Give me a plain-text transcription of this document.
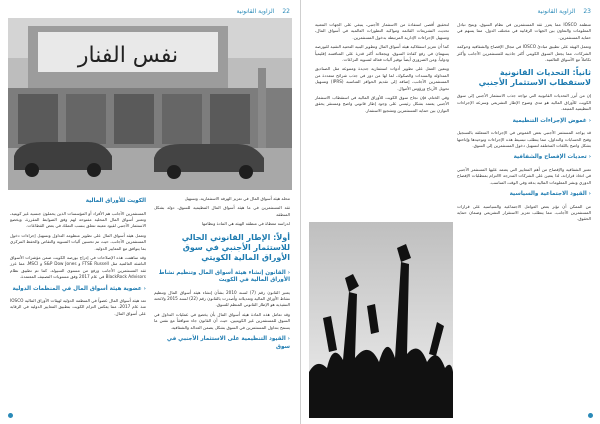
22 الزاوية القانونية
نفس الفنار

محلة هيئة أسواق المال في تعزيز الهرفة الاستثمارية، وتسهيل

ثقة المستثمرين في ما هيئة أسواق المال التنظيمية للسوق، دولة بشكل المنطقة

لدراسة معطاة في منطقة الهيئة هي المادة ونظامها

أولاً: الإطار القانوني الحالي للاستثمار الأجنبي في سوق الأوراق المالية الكويتي
‹ القانون إنشاء هيئة أسواق المال وتنظيم نشاط الأوراق المالية في الكويت

يعتبر القانون رقم (7) لسنة 2010 بشأن إنشاء هيئة أسواق المال وتنظيم نشاط الأوراق المالية وتعديلاته وأصدرت بالقانون رقم (22) لسنة 2015 ولائحته التنفيذية هو الإطار القانوني المنظم للسوق.

وقد تعامل هذه المادة هيئة أسواق المال بأن يخضع في عمليات التداول في السوق للمستثمرين غير الكويتيين، حيث أن القانون جاء متوافقاً مع نفس ما يسمح بتداول المستثمرين في السوق بشكل يضمن العدالة والشفافية.

‹ القيود التنظيمية على الاستثمار الأجنبي في سوق
الكويت للأوراق المالية

المستثمرين الأجانب هم الأفراد أو المؤسسات الذين يحملون جنسية غير كويتية، وتعتبر أسواق المال المحلية مفتوحة لهم وفق الضوابط المقررة، ويخضع الاستثمار الأجنبي لقيود معينة تتعلق بنسب التملك في بعض القطاعات.

وتعمل هيئة أسواق المال على تطوير منظومة التداول وتسهيل إجراءات دخول المستثمرين الأجانب، حيث تم تحسين آليات التسوية والتقاص والحفظ المركزي بما يتوافق مع المعايير الدولية.

وقد ساهمت هذه الإصلاحات في إدراج بورصة الكويت ضمن مؤشرات الأسواق الناشئة العالمية مثل FTSE Russell و S&P Dow Jones و MSCI، مما عزز ثقة المستثمرين الأجانب ورفع من مستوى السيولة. كما تم تطبيق نظام BlackRock Advisors في عام 2017 وفق مستويات التصنيف المعتمدة.

‹ عضوية هيئة أسواق المال في المنظمات الدولية

تعد هيئة أسواق المال عضواً في المنظمة الدولية لهيئات الأوراق المالية IOSCO منذ عام 2017، مما يعكس التزام الكويت بتطبيق المعايير الدولية في الرقابة على أسواق المال.

23 الزاوية القانونية

منظمة IOSCO مما يعزز ثقة المستثمرين في نظام السوق، ويتيح تبادل المعلومات والتعاون بين الجهات الرقابية في مختلف الدول، مما يسهم في حماية المستثمرين.

وتعمل الهيئة على تطبيق مبادئ IOSCO في مجال الإفصاح والشفافية وحوكمة الشركات، مما يجعل السوق الكويتي أكثر جاذبية للمستثمرين الأجانب وأكثر تكاملاً مع الأسواق العالمية.

ثانياً: التحديات القانونية لاستقطاب الاستثمار الأجنبي

إن من أبرز التحديات القانونية التي تواجه جذب الاستثمار الأجنبي إلى سوق الكويت للأوراق المالية هو مدى وضوح الإطار التشريعي وسرعة الإجراءات التنظيمية المتبعة.

‹ غموض الإجراءات التنظيمية

قد يواجه المستثمر الأجنبي بعض الغموض في الإجراءات المتعلقة بالتسجيل وفتح الحسابات والتداول، مما يتطلب تبسيط هذه الإجراءات وتوحيدها وإتاحتها بشكل واضح باللغات المختلفة لتسهيل دخول المستثمرين إلى السوق.

‹ تحديات الإفصاح والشفافية

تعتبر الشفافية والإفصاح من أهم المعايير التي يعتمد عليها المستثمر الأجنبي في اتخاذ قراراته، لذا يتعين على الشركات المدرجة الالتزام بمتطلبات الإفصاح الدوري ونشر المعلومات المالية بدقة وفي الوقت المناسب.

‹ القيود الاجتماعية والسياسية

من الممكن أن تؤثر بعض العوامل الاجتماعية والسياسية على قرارات المستثمرين الأجانب، مما يتطلب تعزيز الاستقرار التشريعي وضمان حماية الحقوق.

لتحقيق أقصى استفادة من الاستثمار الأجنبي، ينبغي على الجهات المعنية تحديث التشريعات القائمة ومواكبة التطورات العالمية في أسواق المال، وتسهيل الإجراءات الإدارية المرتبطة بدخول المستثمرين.

كما أن تعزيز استقلالية هيئة أسواق المال وتطوير البنية التحتية التقنية للبورصة يسهمان في رفع كفاءة السوق، ويجعلانه أكثر قدرة على المنافسة إقليمياً ودولياً. ومن الضروري أيضاً توفير آليات فعالة لتسوية النزاعات.

ويتعين العمل على تطوير أدوات استثمارية جديدة ومتنوعة مثل الصناديق المتداولة والسندات والصكوك، لما لها من دور في جذب شرائح متعددة من المستثمرين الأجانب، إضافة إلى تقديم الحوافز المناسبة (IPRS) وتسهيل تحويل الأرباح ورؤوس الأموال.

وفي الختام، فإن نجاح سوق الكويت للأوراق المالية في استقطاب الاستثمار الأجنبي يعتمد بشكل رئيسي على وجود إطار قانوني واضح ومستقر يحقق التوازن بين حماية المستثمرين وتشجيع الاستثمار.
